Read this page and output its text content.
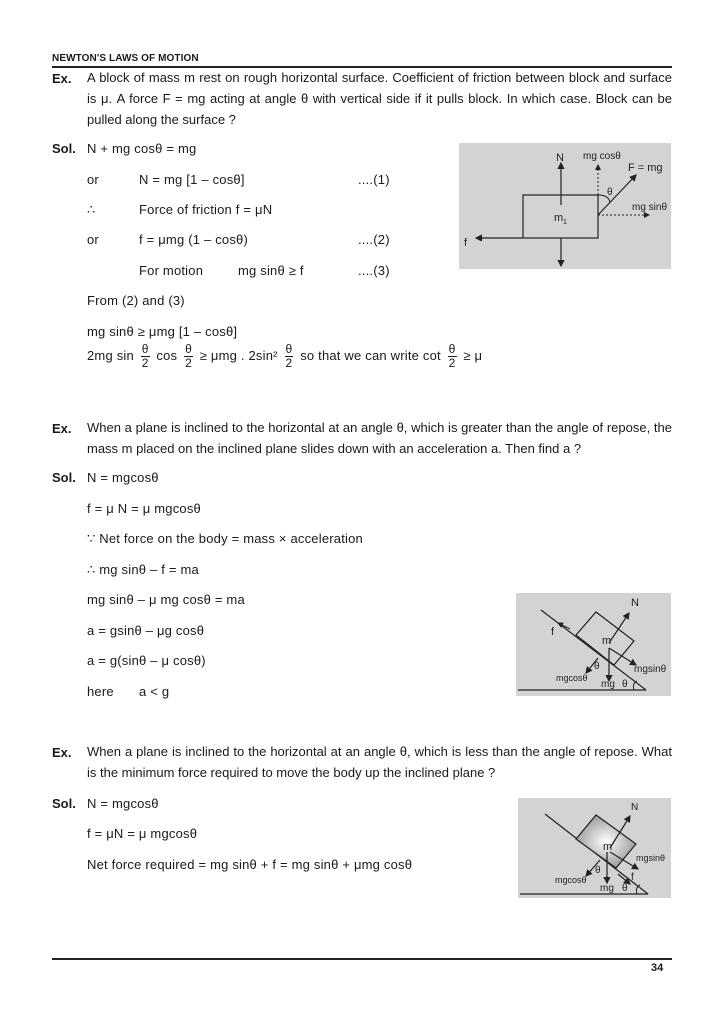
NEWTON'S LAWS OF MOTION
Ex. A block of mass m rest on rough horizontal surface. Coefficient of friction between block and surface is μ. A force F = mg acting at angle θ with vertical side if it pulls block. In which case. Block can be pulled along the surface ?
Sol. N + mg cosθ = mg
or	N = mg [1 – cosθ]	....(1)
∴	Force of friction f = μN
or	f = μmg (1 – cosθ)	....(2)
For motion	mg sinθ ≥ f	....(3)
From (2) and (3)
mg sinθ ≥ μmg [1 – cosθ]
2mg $\sin \frac{\theta}{2}$ $\cos \frac{\theta}{2} \ge \mu mg$ . $2\sin^2 \frac{\theta}{2}$ so that we can write $\cot \frac{\theta}{2} \ge \mu$
N mg cosθ
F = mg
θ
mg sinθ
m 1
f
Ex. When a plane is inclined to the horizontal at an angle θ, which is greater than the angle of repose, the mass m placed on the inclined plane slides down with an acceleration a. Then find a ?
Sol. N = mgcosθ
f = μ N = μ mgcosθ
∵ Net force on the body = mass × acceleration
∴ mg sinθ – f = ma
mg sinθ – μ mg cosθ = ma
a = gsinθ – μg cosθ
a = g(sinθ – μ cosθ)
here a < g
N
f
m
θ	mgsinθ
mgcosθ
mg θ
Ex. When a plane is inclined to the horizontal at an angle θ, which is less than the angle of repose. What is the minimum force required to move the body up the inclined plane ?
Sol. N = mgcosθ
f = μN = μ mgcosθ
Net force required = mg sinθ + f = mg sinθ + μmg cosθ
N
m
θ
mgsinθ
mgcosθ
mg θ
f
34
